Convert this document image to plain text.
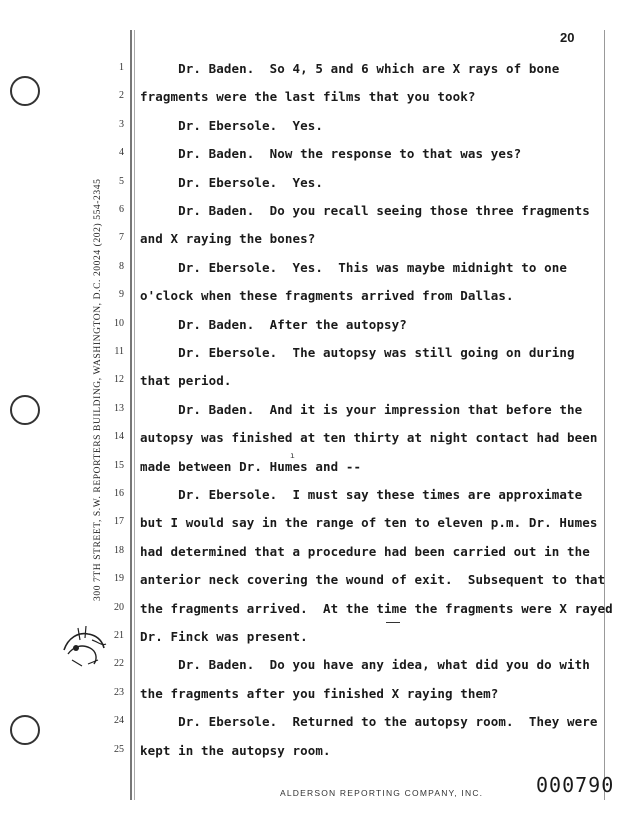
20
300 7TH STREET, S.W. REPORTERS BUILDING, WASHINGTON, D.C. 20024 (202) 554-2345
1 Dr. Baden.  So 4, 5 and 6 which are X rays of bone
2 fragments were the last films that you took?
3 Dr. Ebersole.  Yes.
4 Dr. Baden.  Now the response to that was yes?
5 Dr. Ebersole.  Yes.
6 Dr. Baden.  Do you recall seeing those three fragments
7 and X raying the bones?
8 Dr. Ebersole.  Yes.  This was maybe midnight to one
9 o'clock when these fragments arrived from Dallas.
10 Dr. Baden.  After the autopsy?
11 Dr. Ebersole.  The autopsy was still going on during
12 that period.
13 Dr. Baden.  And it is your impression that before the
14 autopsy was finished at ten thirty at night contact had been
15 made between Dr. Humes and --
16 Dr. Ebersole.  I must say these times are approximate
17 but I would say in the range of ten to eleven p.m. Dr. Humes
18 had determined that a procedure had been carried out in the
19 anterior neck covering the wound of exit.  Subsequent to that
20 the fragments arrived.  At the time the fragments were X rayed
21 Dr. Finck was present.
22 Dr. Baden.  Do you have any idea, what did you do with
23 the fragments after you finished X raying them?
24 Dr. Ebersole.  Returned to the autopsy room.  They were
25 kept in the autopsy room.
ı
ALDERSON REPORTING COMPANY, INC.	000790
